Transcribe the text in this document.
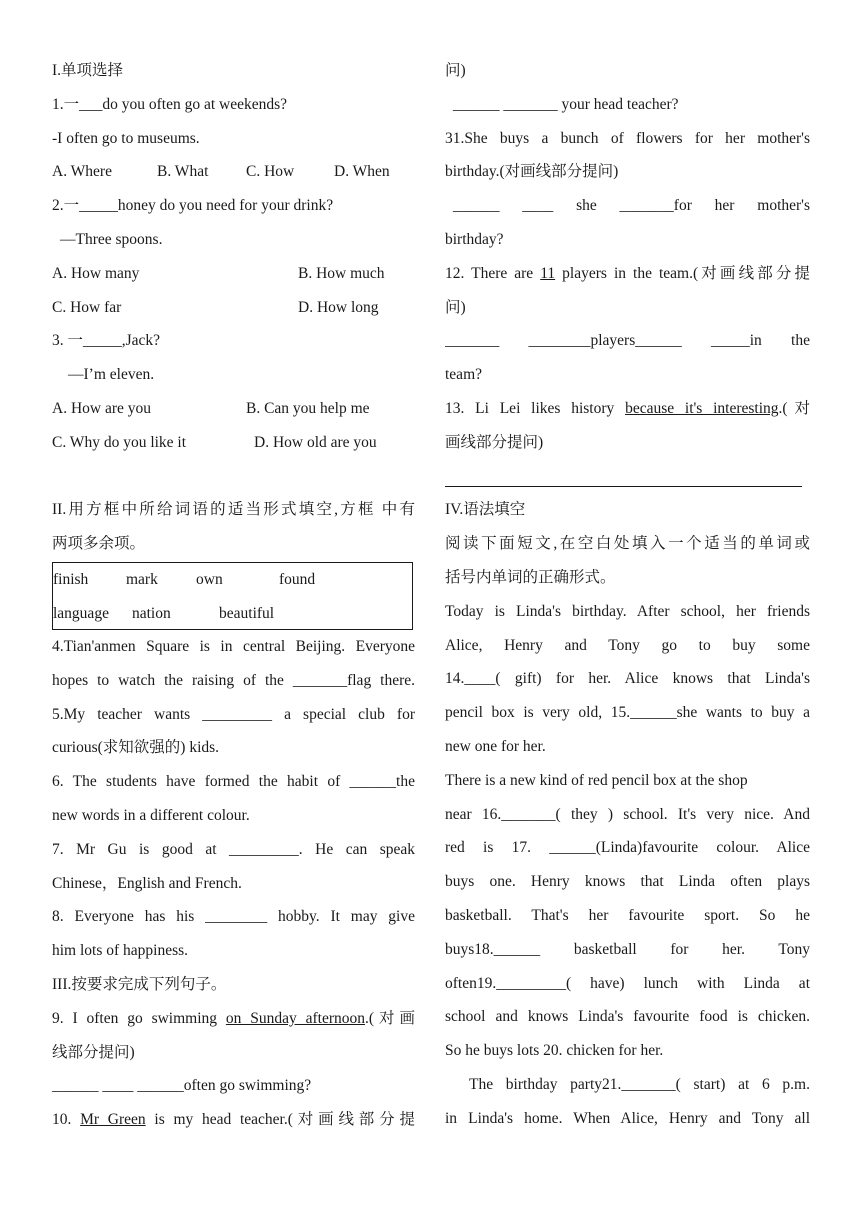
I.单项选择
1.一___do you often go at weekends?
-I often go to museums.
A. Where	B. What C. How	D. When
2.一_____honey do you need for your drink?
—Three spoons.
A. How many	B. How much
C. How far	D. How long
3. 一_____,Jack?
—I’m eleven.
A. How are you	B. Can you help me
C. Why do you like it	D. How old are you
II.用方框中所给词语的适当形式填空,方框 中有
两项多余项。
finish mark own	found
language nation	beautiful
4.Tian'anmen Square is in central Beijing. Everyone
hopes to watch the raising of the _______flag there.
5.My teacher wants _________ a special club for
curious(求知欲强的) kids.
6. The students have formed the habit of ______the
new words in a different colour.
7. Mr Gu is good at _________. He can speak
Chinese，English and French.
8. Everyone has his ________ hobby. It may give
him lots of happiness.
III.按要求完成下列句子。
9. I often go swimming on Sunday afternoon.(对画
线部分提问)
______ ____ ______often go swimming?
10. Mr Green is my head teacher.(对画线部分提
问)
______ _______ your head teacher?
31.She buys a bunch of flowers for her mother's
birthday.(对画线部分提问)
______ ____ she _______for her mother's
birthday?
12. There are 11 players in the team.(对画线部分提
问)
_______ ________players______ _____in the
team?
13. Li Lei likes history because it's interesting.(对
画线部分提问)
IV.语法填空
阅读下面短文,在空白处填入一个适当的单词或
括号内单词的正确形式。
Today is Linda's birthday. After school, her friends
Alice, Henry and Tony go to buy some
14.____( gift) for her. Alice knows that Linda's
pencil box is very old, 15.______she wants to buy a
new one for her.
There is a new kind of red pencil box at the shop
near 16._______( they ) school. It's very nice. And
red is 17. ______(Linda)favourite colour. Alice
buys one. Henry knows that Linda often plays
basketball. That's her favourite sport. So he
buys18.______ basketball for her. Tony
often19._________( have) lunch with Linda at
school and knows Linda's favourite food is chicken.
So he buys lots 20. chicken for her.
The birthday party21._______( start) at 6 p.m.
in Linda's home. When Alice, Henry and Tony all
